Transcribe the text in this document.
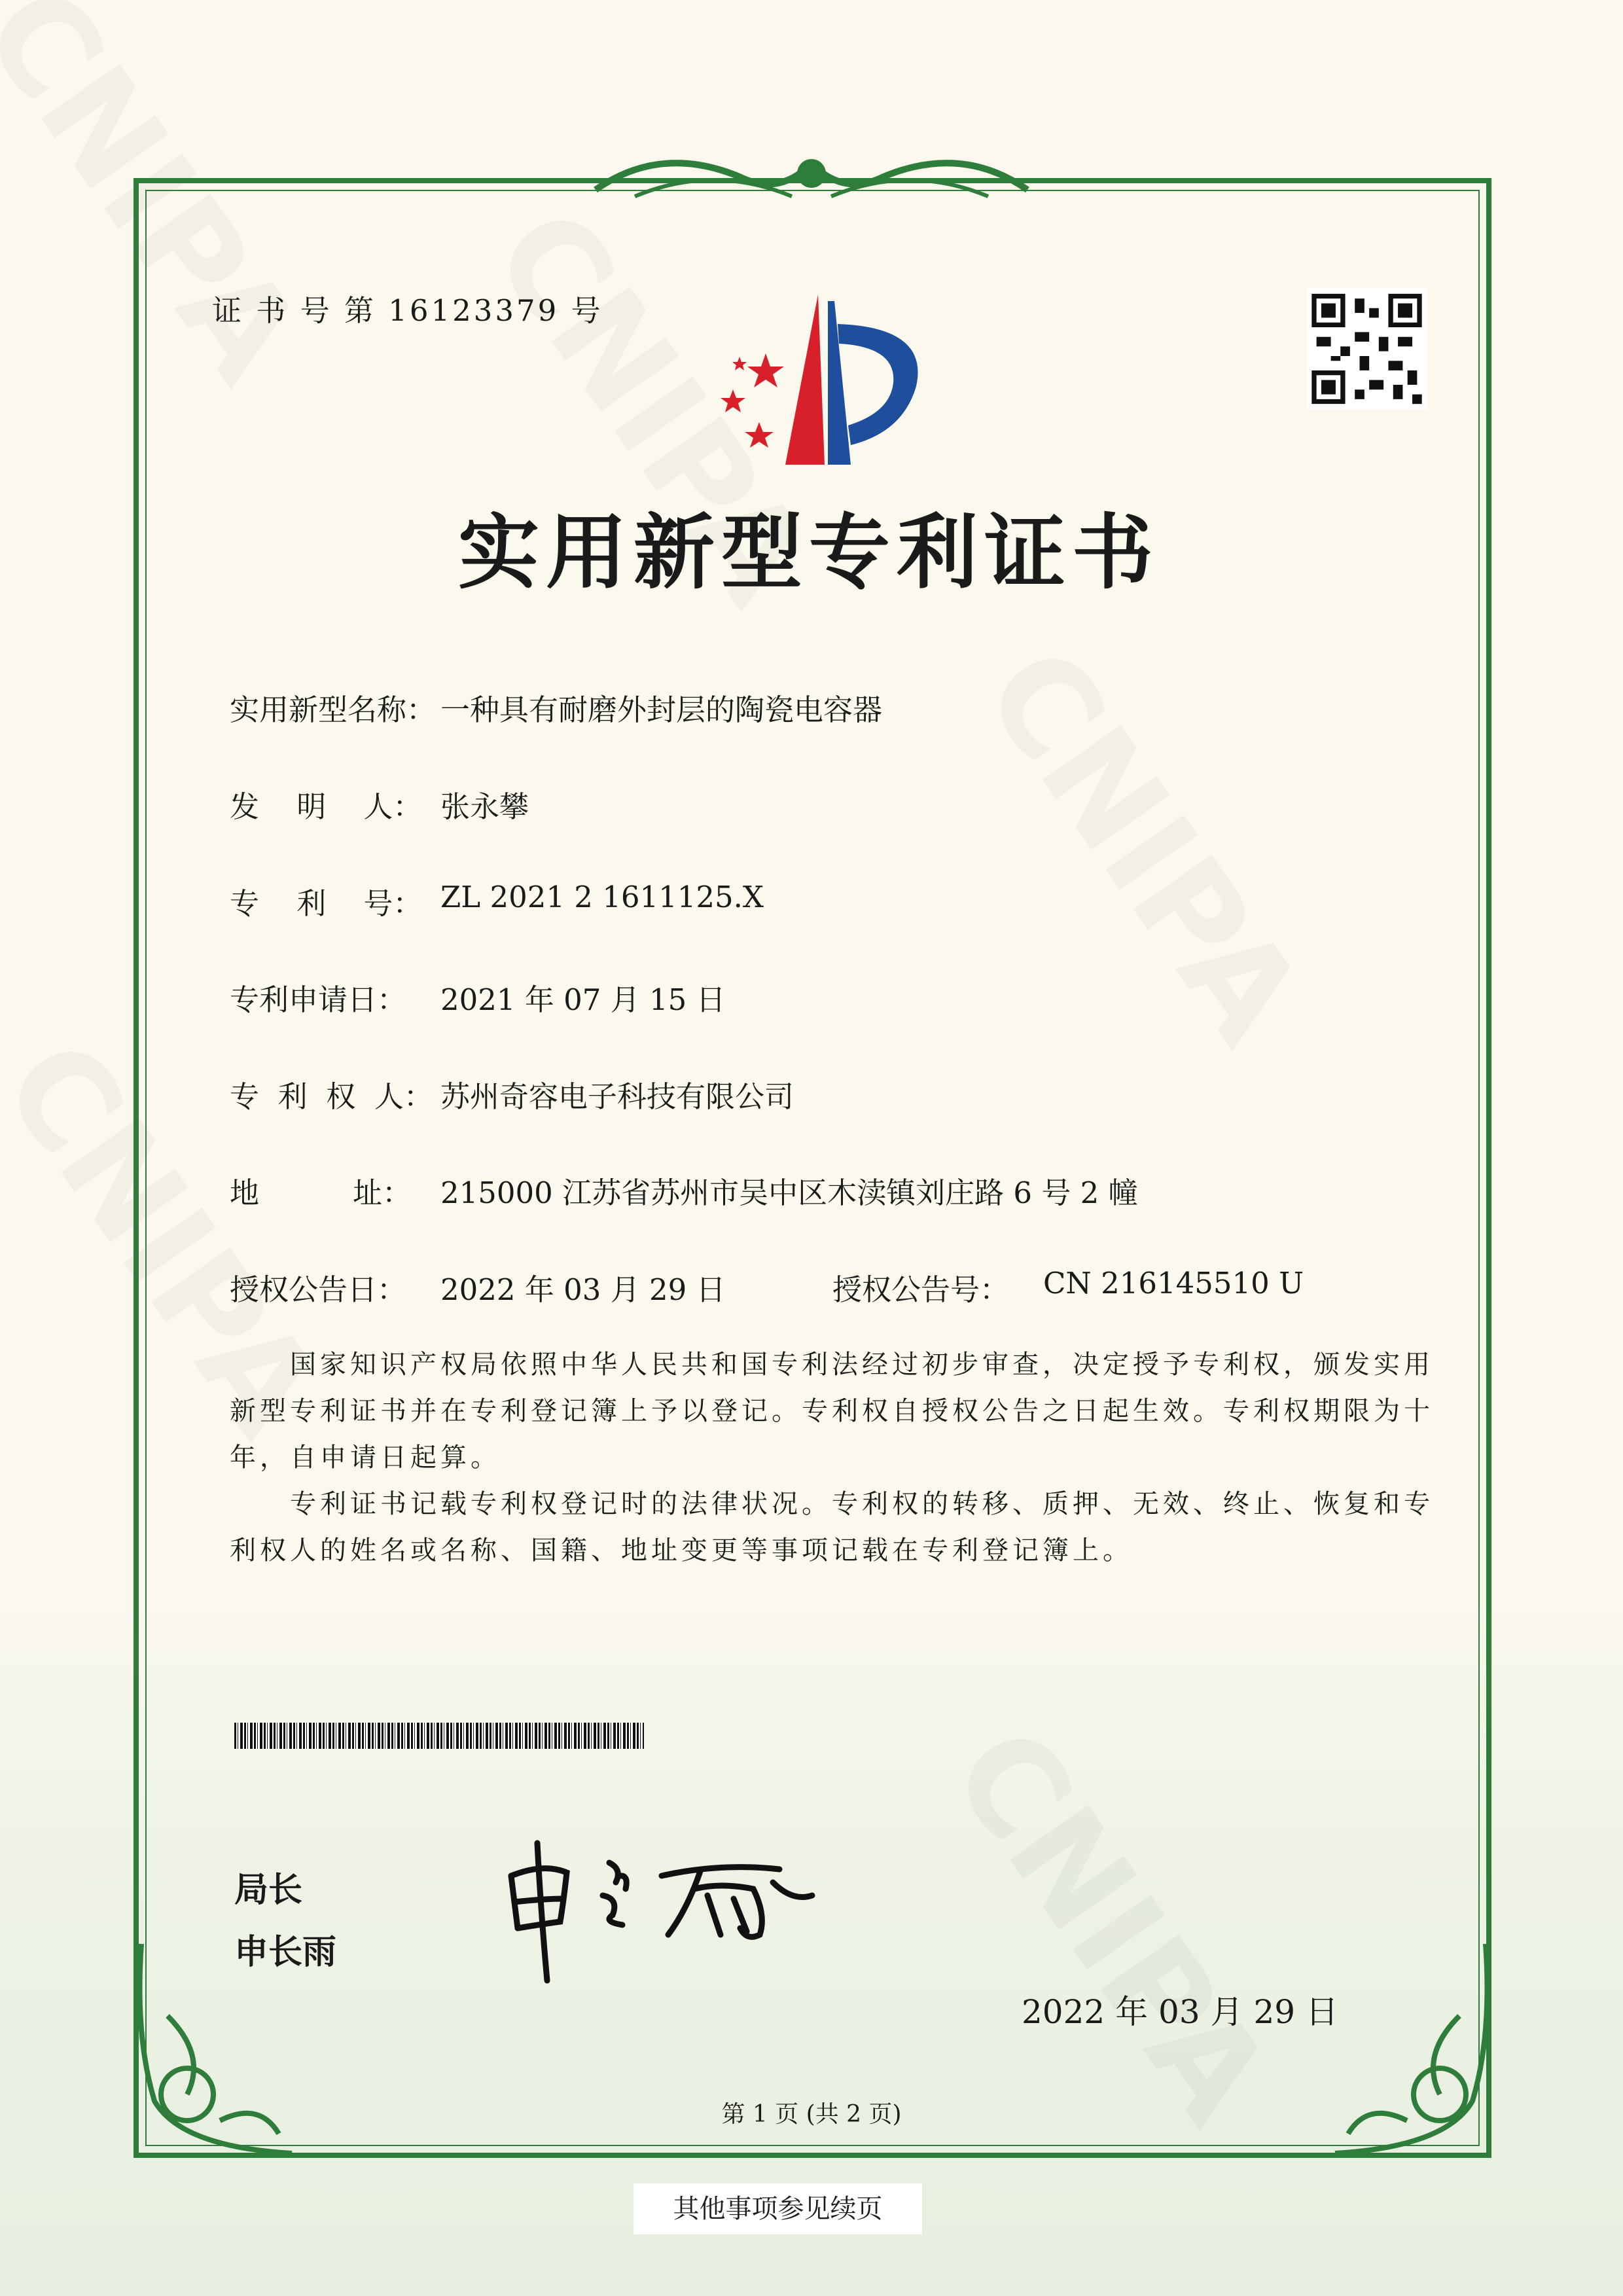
证 书 号 第 16123379 号
实用新型专利证书
实用新型名称： 一种具有耐磨外封层的陶瓷电容器
发    明    人： 张永攀
专    利    号： ZL 2021 2 1611125.X
专利申请日： 2021 年 07 月 15 日
专  利  权  人： 苏州奇容电子科技有限公司
地          址： 215000 江苏省苏州市吴中区木渎镇刘庄路 6 号 2 幢
授权公告日： 2022 年 03 月 29 日	授权公告号： CN 216145510 U

国家知识产权局依照中华人民共和国专利法经过初步审查，决定授予专利权，颁发实用新型专利证书并在专利登记簿上予以登记。专利权自授权公告之日起生效。专利权期限为十年，自申请日起算。

专利证书记载专利权登记时的法律状况。专利权的转移、质押、无效、终止、恢复和专利权人的姓名或名称、国籍、地址变更等事项记载在专利登记簿上。

局长
申长雨
2022 年 03 月 29 日
第 1 页 (共 2 页)
其他事项参见续页
